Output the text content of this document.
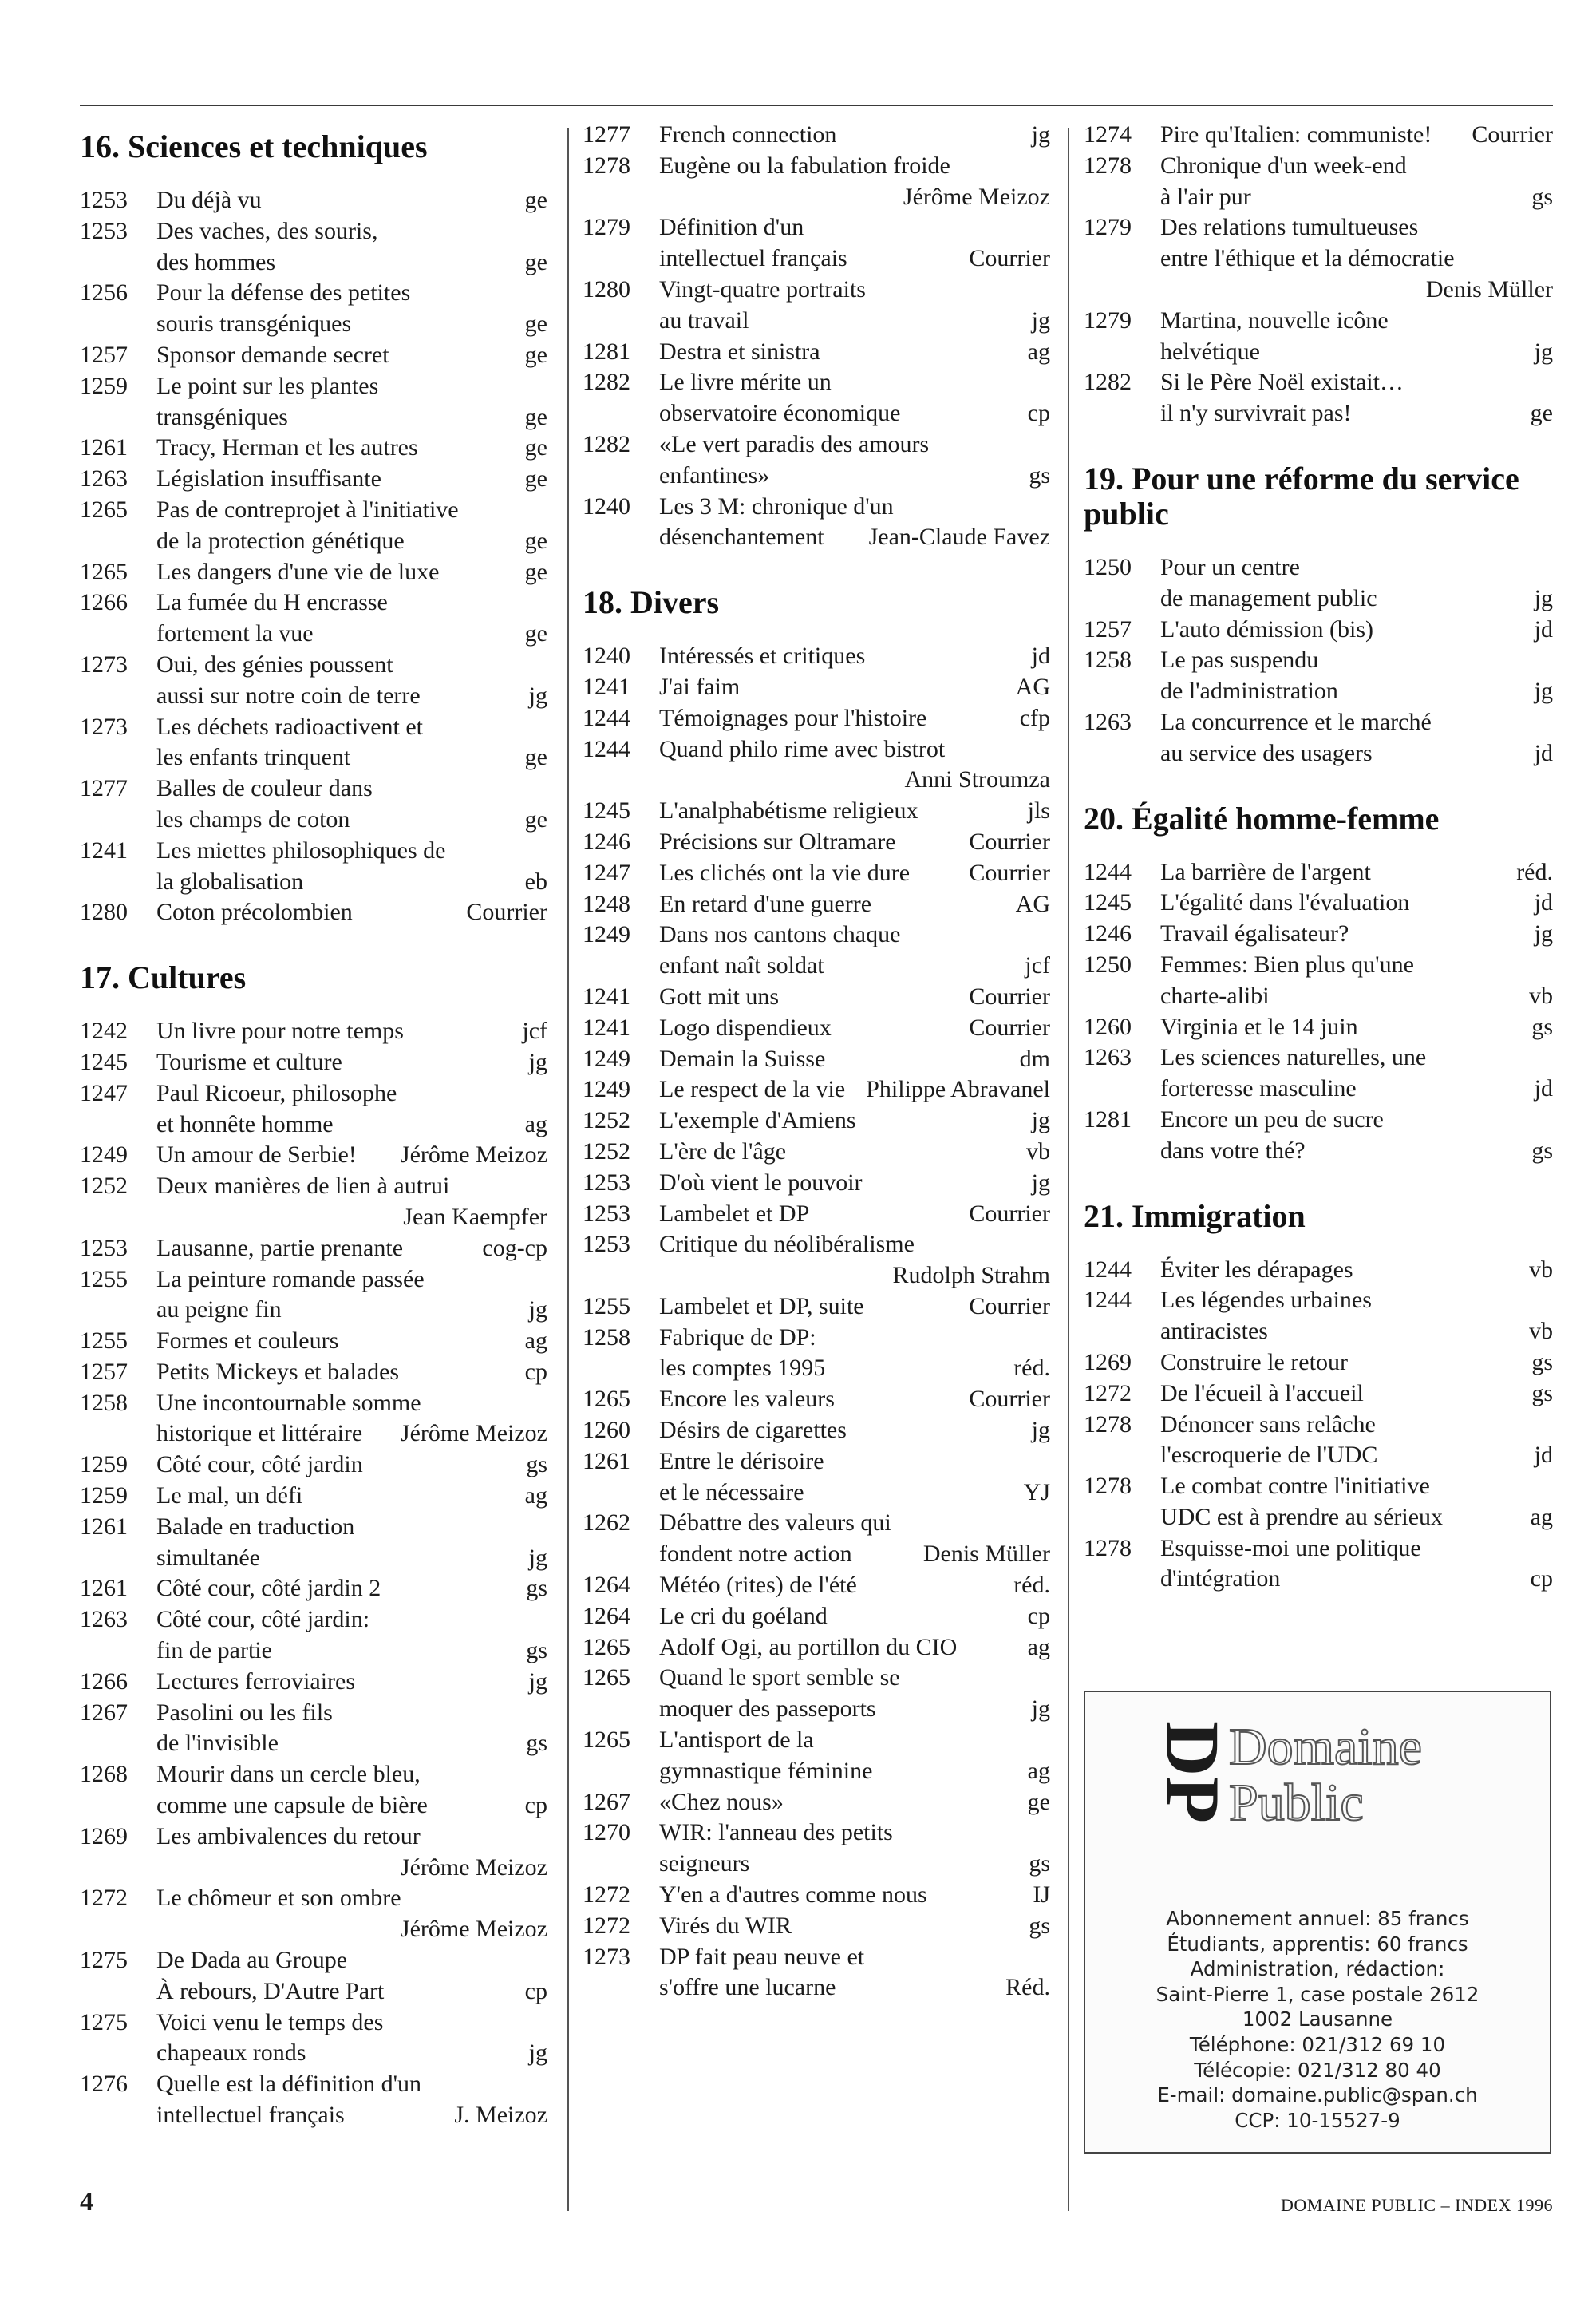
16. Sciences et techniques
1253	Du déjà vu	ge
1253	Des vaches, des souris,
des hommes	ge
1256	Pour la défense des petites
souris transgéniques	ge
1257	Sponsor demande secret	ge
1259	Le point sur les plantes
transgéniques	ge
1261	Tracy, Herman et les autres	ge
1263	Législation insuffisante	ge
1265	Pas de contreprojet à l'initiative
de la protection génétique	ge
1265	Les dangers d'une vie de luxe	ge
1266	La fumée du H encrasse
fortement la vue	ge
1273	Oui, des génies poussent
aussi sur notre coin de terre	jg
1273	Les déchets radioactivent et
les enfants trinquent	ge
1277	Balles de couleur dans
les champs de coton	ge
1241	Les miettes philosophiques de
la globalisation	eb
1280	Coton précolombien	Courrier
17. Cultures
1242	Un livre pour notre temps	jcf
1245	Tourisme et culture	jg
1247	Paul Ricoeur, philosophe
et honnête homme	ag
1249	Un amour de Serbie!	Jérôme Meizoz
1252	Deux manières de lien à autrui
Jean Kaempfer
1253	Lausanne, partie prenante	cog-cp
1255	La peinture romande passée
au peigne fin	jg
1255	Formes et couleurs	ag
1257	Petits Mickeys et balades	cp
1258	Une incontournable somme
historique et littéraire	Jérôme Meizoz
1259	Côté cour, côté jardin	gs
1259	Le mal, un défi	ag
1261	Balade en traduction
simultanée	jg
1261	Côté cour, côté jardin 2	gs
1263	Côté cour, côté jardin:
fin de partie	gs
1266	Lectures ferroviaires	jg
1267	Pasolini ou les fils
de l'invisible	gs
1268	Mourir dans un cercle bleu,
comme une capsule de bière	cp
1269	Les ambivalences du retour
Jérôme Meizoz
1272	Le chômeur et son ombre
Jérôme Meizoz
1275	De Dada au Groupe
À rebours, D'Autre Part	cp
1275	Voici venu le temps des
chapeaux ronds	jg
1276	Quelle est la définition d'un
intellectuel français	J. Meizoz
1277	French connection	jg
1278	Eugène ou la fabulation froide
Jérôme Meizoz
1279	Définition d'un
intellectuel français	Courrier
1280	Vingt-quatre portraits
au travail	jg
1281	Destra et sinistra	ag
1282	Le livre mérite un
observatoire économique	cp
1282	«Le vert paradis des amours
enfantines»	gs
1240	Les 3 M: chronique d'un
désenchantement	Jean-Claude Favez
18. Divers
1240	Intéressés et critiques	jd
1241	J'ai faim	AG
1244	Témoignages pour l'histoire	cfp
1244	Quand philo rime avec bistrot
Anni Stroumza
1245	L'analphabétisme religieux	jls
1246	Précisions sur Oltramare	Courrier
1247	Les clichés ont la vie dure	Courrier
1248	En retard d'une guerre	AG
1249	Dans nos cantons chaque
enfant naît soldat	jcf
1241	Gott mit uns	Courrier
1241	Logo dispendieux	Courrier
1249	Demain la Suisse	dm
1249	Le respect de la vie Philippe Abravanel
1252	L'exemple d'Amiens	jg
1252	L'ère de l'âge	vb
1253	D'où vient le pouvoir	jg
1253	Lambelet et DP	Courrier
1253	Critique du néolibéralisme
Rudolph Strahm
1255	Lambelet et DP, suite	Courrier
1258	Fabrique de DP:
les comptes 1995	réd.
1265	Encore les valeurs	Courrier
1260	Désirs de cigarettes	jg
1261	Entre le dérisoire
et le nécessaire	YJ
1262	Débattre des valeurs qui
fondent notre action	Denis Müller
1264	Météo (rites) de l'été	réd.
1264	Le cri du goéland	cp
1265	Adolf Ogi, au portillon du CIO	ag
1265	Quand le sport semble se
moquer des passeports	jg
1265	L'antisport de la
gymnastique féminine	ag
1267	«Chez nous»	ge
1270	WIR: l'anneau des petits
seigneurs	gs
1272	Y'en a d'autres comme nous	IJ
1272	Virés du WIR	gs
1273	DP fait peau neuve et
s'offre une lucarne	Réd.
1274	Pire qu'Italien: communiste!	Courrier
1278	Chronique d'un week-end
à l'air pur	gs
1279	Des relations tumultueuses
entre l'éthique et la démocratie
Denis Müller
1279	Martina, nouvelle icône
helvétique	jg
1282	Si le Père Noël existait…
il n'y survivrait pas!	ge
19. Pour une réforme du service public
1250	Pour un centre
de management public	jg
1257	L'auto démission (bis)	jd
1258	Le pas suspendu
de l'administration	jg
1263	La concurrence et le marché
au service des usagers	jd
20. Égalité homme-femme
1244	La barrière de l'argent	réd.
1245	L'égalité dans l'évaluation	jd
1246	Travail égalisateur?	jg
1250	Femmes: Bien plus qu'une
charte-alibi	vb
1260	Virginia et le 14 juin	gs
1263	Les sciences naturelles, une
forteresse masculine	jd
1281	Encore un peu de sucre
dans votre thé?	gs
21. Immigration
1244	Éviter les dérapages	vb
1244	Les légendes urbaines
antiracistes	vb
1269	Construire le retour	gs
1272	De l'écueil à l'accueil	gs
1278	Dénoncer sans relâche
l'escroquerie de l'UDC	jd
1278	Le combat contre l'initiative
UDC est à prendre au sérieux	ag
1278	Esquisse-moi une politique
d'intégration	cp
DP
Domaine
Public
Abonnement annuel: 85 francs
Étudiants, apprentis: 60 francs
Administration, rédaction:
Saint-Pierre 1, case postale 2612
1002 Lausanne
Téléphone: 021/312 69 10
Télécopie: 021/312 80 40
E-mail: domaine.public@span.ch
CCP: 10-15527-9
4	DOMAINE PUBLIC – INDEX 1996
